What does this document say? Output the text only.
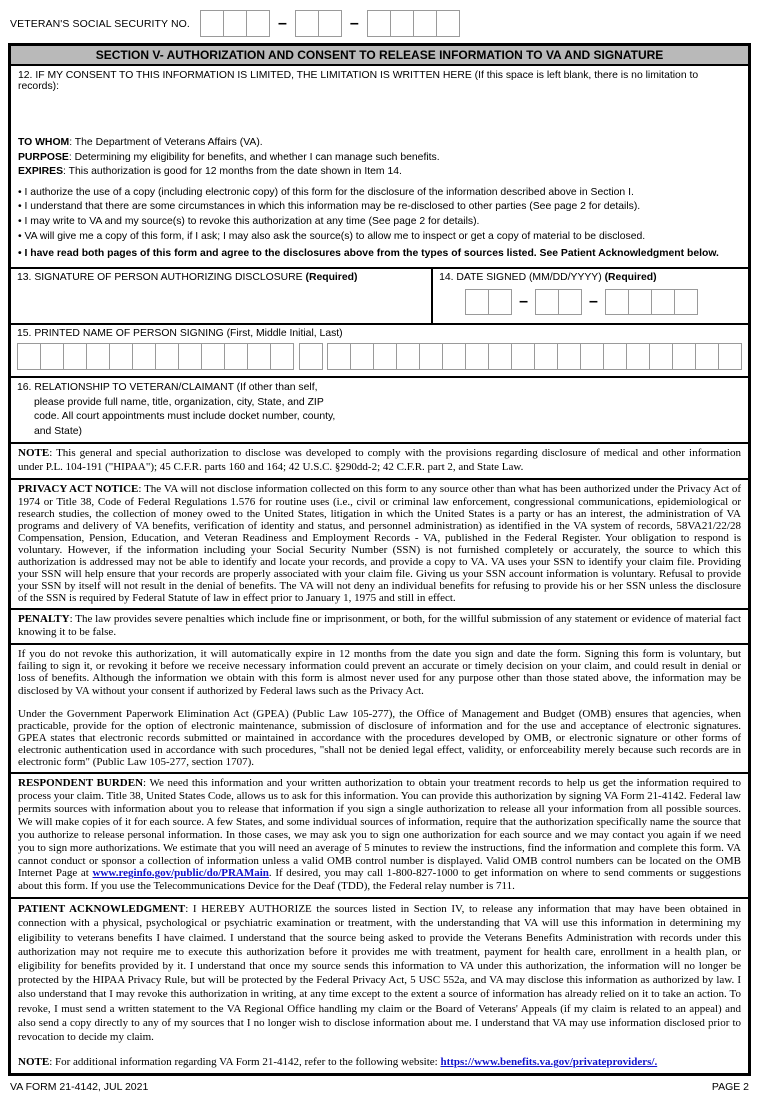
VETERAN'S SOCIAL SECURITY NO.	–	–
SECTION V- AUTHORIZATION AND CONSENT TO RELEASE INFORMATION TO VA AND SIGNATURE
12. IF MY CONSENT TO THIS INFORMATION IS LIMITED, THE LIMITATION IS WRITTEN HERE (If this space is left blank, there is no limitation to records):
TO WHOM: The Department of Veterans Affairs (VA).
PURPOSE: Determining my eligibility for benefits, and whether I can manage such benefits.
EXPIRES: This authorization is good for 12 months from the date shown in Item 14.
• I authorize the use of a copy (including electronic copy) of this form for the disclosure of the information described above in Section I.
• I understand that there are some circumstances in which this information may be re-disclosed to other parties (See page 2 for details).
• I may write to VA and my source(s) to revoke this authorization at any time (See page 2 for details).
• VA will give me a copy of this form, if I ask; I may also ask the source(s) to allow me to inspect or get a copy of material to be disclosed.
• I have read both pages of this form and agree to the disclosures above from the types of sources listed. See Patient Acknowledgment below.
13. SIGNATURE OF PERSON AUTHORIZING DISCLOSURE (Required)	14. DATE SIGNED (MM/DD/YYYY) (Required)
–	–
15. PRINTED NAME OF PERSON SIGNING (First, Middle Initial, Last)
16. RELATIONSHIP TO VETERAN/CLAIMANT (If other than self, please provide full name, title, organization, city, State, and ZIP code. All court appointments must include docket number, county, and State)
NOTE: This general and special authorization to disclose was developed to comply with the provisions regarding disclosure of medical and other information under P.L. 104-191 ("HIPAA"); 45 C.F.R. parts 160 and 164; 42 U.S.C. §290dd-2; 42 C.F.R. part 2, and State Law.
PRIVACY ACT NOTICE: The VA will not disclose information collected on this form to any source other than what has been authorized under the Privacy Act of 1974 or Title 38, Code of Federal Regulations 1.576 for routine uses (i.e., civil or criminal law enforcement, congressional communications, epidemiological or research studies, the collection of money owed to the United States, litigation in which the United States is a party or has an interest, the administration of VA programs and delivery of VA benefits, verification of identity and status, and personnel administration) as identified in the VA system of records, 58VA21/22/28 Compensation, Pension, Education, and Veteran Readiness and Employment Records - VA, published in the Federal Register. Your obligation to respond is voluntary. However, if the information including your Social Security Number (SSN) is not furnished completely or accurately, the source to which this authorization is addressed may not be able to identify and locate your records, and provide a copy to VA. VA uses your SSN to identify your claim file. Providing your SSN will help ensure that your records are properly associated with your claim file. Giving us your SSN account information is voluntary. Refusal to provide your SSN by itself will not result in the denial of benefits. The VA will not deny an individual benefits for refusing to provide his or her SSN unless the disclosure of the SSN is required by Federal Statute of law in effect prior to January 1, 1975 and still in effect.
PENALTY: The law provides severe penalties which include fine or imprisonment, or both, for the willful submission of any statement or evidence of material fact knowing it to be false.
If you do not revoke this authorization, it will automatically expire in 12 months from the date you sign and date the form. Signing this form is voluntary, but failing to sign it, or revoking it before we receive necessary information could prevent an accurate or timely decision on your claim, and could result in denial or loss of benefits. Although the information we obtain with this form is almost never used for any purpose other than those stated above, the information may be disclosed by VA without your consent if authorized by Federal laws such as the Privacy Act.
Under the Government Paperwork Elimination Act (GPEA) (Public Law 105-277), the Office of Management and Budget (OMB) ensures that agencies, when practicable, provide for the option of electronic maintenance, submission of disclosure of information and for the use and acceptance of electronic signatures. GPEA states that electronic records submitted or maintained in accordance with the procedures developed by OMB, or electronic signature or other forms of electronic authentication used in accordance with such procedures, "shall not be denied legal effect, validity, or enforceability merely because such records are in electronic form" (Public Law 105-277, section 1707).
RESPONDENT BURDEN: We need this information and your written authorization to obtain your treatment records to help us get the information required to process your claim. Title 38, United States Code, allows us to ask for this information. You can provide this authorization by signing VA Form 21-4142. Federal law permits sources with information about you to release that information if you sign a single authorization to release all your information from all possible sources. We will make copies of it for each source. A few States, and some individual sources of information, require that the authorization specifically name the source that you authorize to release personal information. In those cases, we may ask you to sign one authorization for each source and we may contact you again if we need you to sign more authorizations. We estimate that you will need an average of 5 minutes to review the instructions, find the information and complete this form. VA cannot conduct or sponsor a collection of information unless a valid OMB control number is displayed. Valid OMB control numbers can be located on the OMB Internet Page at www.reginfo.gov/public/do/PRAMain. If desired, you may call 1-800-827-1000 to get information on where to send comments or suggestions about this form. If you use the Telecommunications Device for the Deaf (TDD), the Federal relay number is 711.
PATIENT ACKNOWLEDGMENT: I HEREBY AUTHORIZE the sources listed in Section IV, to release any information that may have been obtained in connection with a physical, psychological or psychiatric examination or treatment, with the understanding that VA will use this information in determining my eligibility to veterans benefits I have claimed. I understand that the source being asked to provide the Veterans Benefits Administration with records under this authorization may not require me to execute this authorization before it provides me with treatment, payment for health care, enrollment in a health plan, or eligibility for benefits provided by it. I understand that once my source sends this information to VA under this authorization, the information will no longer be protected by the HIPAA Privacy Rule, but will be protected by the Federal Privacy Act, 5 USC 552a, and VA may disclose this information as authorized by law. I also understand that I may revoke this authorization in writing, at any time except to the extent a source of information has already relied on it to take an action. To revoke, I must send a written statement to the VA Regional Office handling my claim or the Board of Veterans' Appeals (if my claim is related to an appeal) and also send a copy directly to any of my sources that I no longer wish to disclose information about me. I understand that VA may use information disclosed prior to revocation to decide my claim.
NOTE: For additional information regarding VA Form 21-4142, refer to the following website: https://www.benefits.va.gov/privateproviders/.
VA FORM 21-4142, JUL 2021	PAGE 2
